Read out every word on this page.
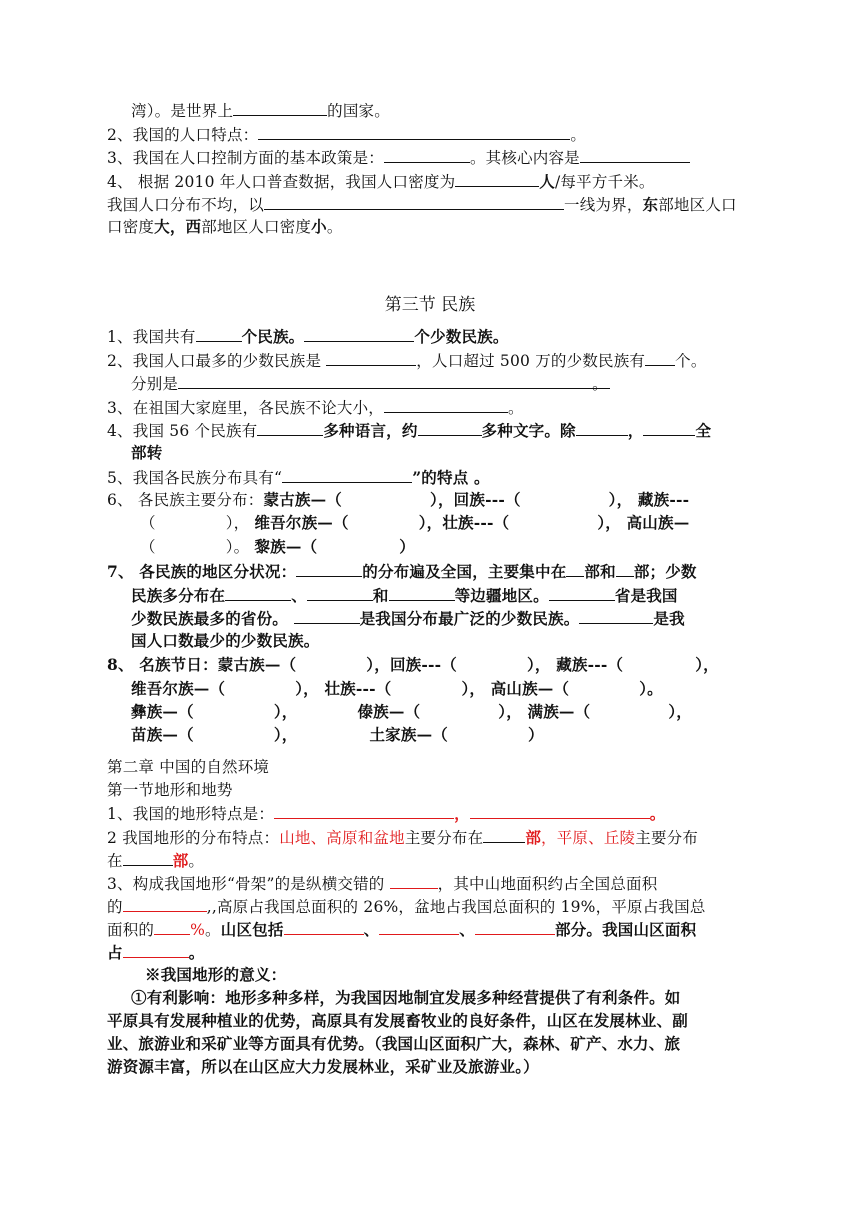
湾）。是世界上	的国家。
2、我国的人口特点：	。
3、我国在人口控制方面的基本政策是：	。其核心内容是
4、 根据 2010 年人口普查数据，我国人口密度为	人/每平方千米。
我国人口分布不均，以	一线为界，东部地区人口
口密度大，西部地区人口密度小。
第三节 民族
1、我国共有	个民族。	个少数民族。
2、我国人口最多的少数民族是	，人口超过 500 万的少数民族有 个。
分别是	。
3、在祖国大家庭里，各民族不论大小，	。
4、我国 56 个民族有	多种语言，约	多种文字。除	，	全
部转
5、我国各民族分布具有“	”的特点 。
6、 各民族主要分布：蒙古族—（	），回族---（	）， 藏族---
（	）， 维吾尔族—（	），壮族---（	）， 高山族—
（	）。 黎族—（	）
7、 各民族的地区分状况：	的分布遍及全国，主要集中在 部和 部；少数
民族多分布在	、	和	等边疆地区。	省是我国
少数民族最多的省份。	是我国分布最广泛的少数民族。	是我
国人口数最少的少数民族。
8、 名族节日：蒙古族—（	），回族---（	）， 藏族---（	），
维吾尔族—（	）， 壮族---（	）， 高山族—（	）。
彝族—（	），	傣族—（	）， 满族—（	），
苗族—（	），	土家族—（	）
第二章 中国的自然环境
第一节地形和地势
1、我国的地形特点是：	，	。
2 我国地形的分布特点：山地、高原和盆地主要分布在	部，平原、丘陵主要分布
在	部。
3、构成我国地形“骨架”的是纵横交错的	，其中山地面积约占全国总面积
的	,,高原占我国总面积的 26%，盆地占我国总面积的 19%，平原占我国总
面积的 %。山区包括	、	、	部分。我国山区面积
占	。
※我国地形的意义：
①有利影响：地形多种多样，为我国因地制宜发展多种经营提供了有利条件。如
平原具有发展种植业的优势，高原具有发展畜牧业的良好条件，山区在发展林业、副
业、旅游业和采矿业等方面具有优势。（我国山区面积广大，森林、矿产、水力、旅
游资源丰富，所以在山区应大力发展林业，采矿业及旅游业。）
